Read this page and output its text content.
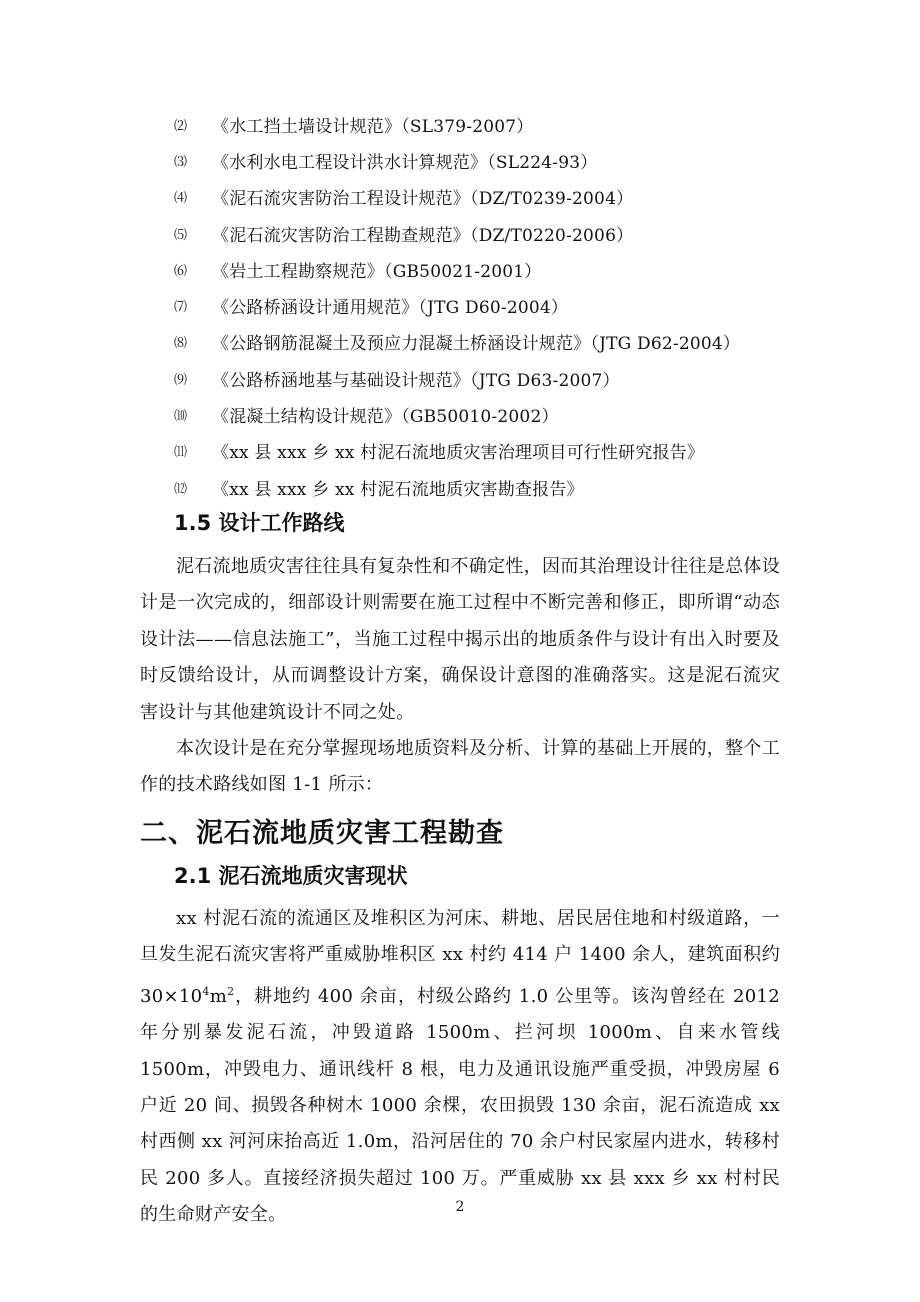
⑵	《水工挡土墙设计规范》（SL379-2007）
⑶	《水利水电工程设计洪水计算规范》（SL224-93）
⑷	《泥石流灾害防治工程设计规范》（DZ/T0239-2004）
⑸	《泥石流灾害防治工程勘查规范》（DZ/T0220-2006）
⑹	《岩土工程勘察规范》（GB50021-2001）
⑺	《公路桥涵设计通用规范》（JTG D60-2004）
⑻	《公路钢筋混凝土及预应力混凝土桥涵设计规范》（JTG D62-2004）
⑼	《公路桥涵地基与基础设计规范》（JTG D63-2007）
⑽	《混凝土结构设计规范》（GB50010-2002）
⑾	《xx 县 xxx 乡 xx 村泥石流地质灾害治理项目可行性研究报告》
⑿	《xx 县 xxx 乡 xx 村泥石流地质灾害勘查报告》
1.5 设计工作路线

泥石流地质灾害往往具有复杂性和不确定性，因而其治理设计往往是总体设计是一次完成的，细部设计则需要在施工过程中不断完善和修正，即所谓“动态设计法——信息法施工”，当施工过程中揭示出的地质条件与设计有出入时要及时反馈给设计，从而调整设计方案，确保设计意图的准确落实。这是泥石流灾害设计与其他建筑设计不同之处。

本次设计是在充分掌握现场地质资料及分析、计算的基础上开展的，整个工作的技术路线如图 1-1 所示：

二、泥石流地质灾害工程勘查
2.1 泥石流地质灾害现状

xx 村泥石流的流通区及堆积区为河床、耕地、居民居住地和村级道路，一旦发生泥石流灾害将严重威胁堆积区 xx 村约 414 户 1400 余人，建筑面积约 $30\times 10^4m^2$，耕地约 400 余亩，村级公路约 1.0 公里等。该沟曾经在 2012 年分别暴发泥石流，冲毁道路 1500m、拦河坝 1000m、自来水管线 1500m，冲毁电力、通讯线杆 8 根，电力及通讯设施严重受损，冲毁房屋 6 户近 20 间、损毁各种树木 1000 余棵，农田损毁 130 余亩，泥石流造成 xx 村西侧 xx 河河床抬高近 1.0m，沿河居住的 70 余户村民家屋内进水，转移村民 200 多人。直接经济损失超过 100 万。严重威胁 xx 县 xxx 乡 xx 村村民的生命财产安全。	2
